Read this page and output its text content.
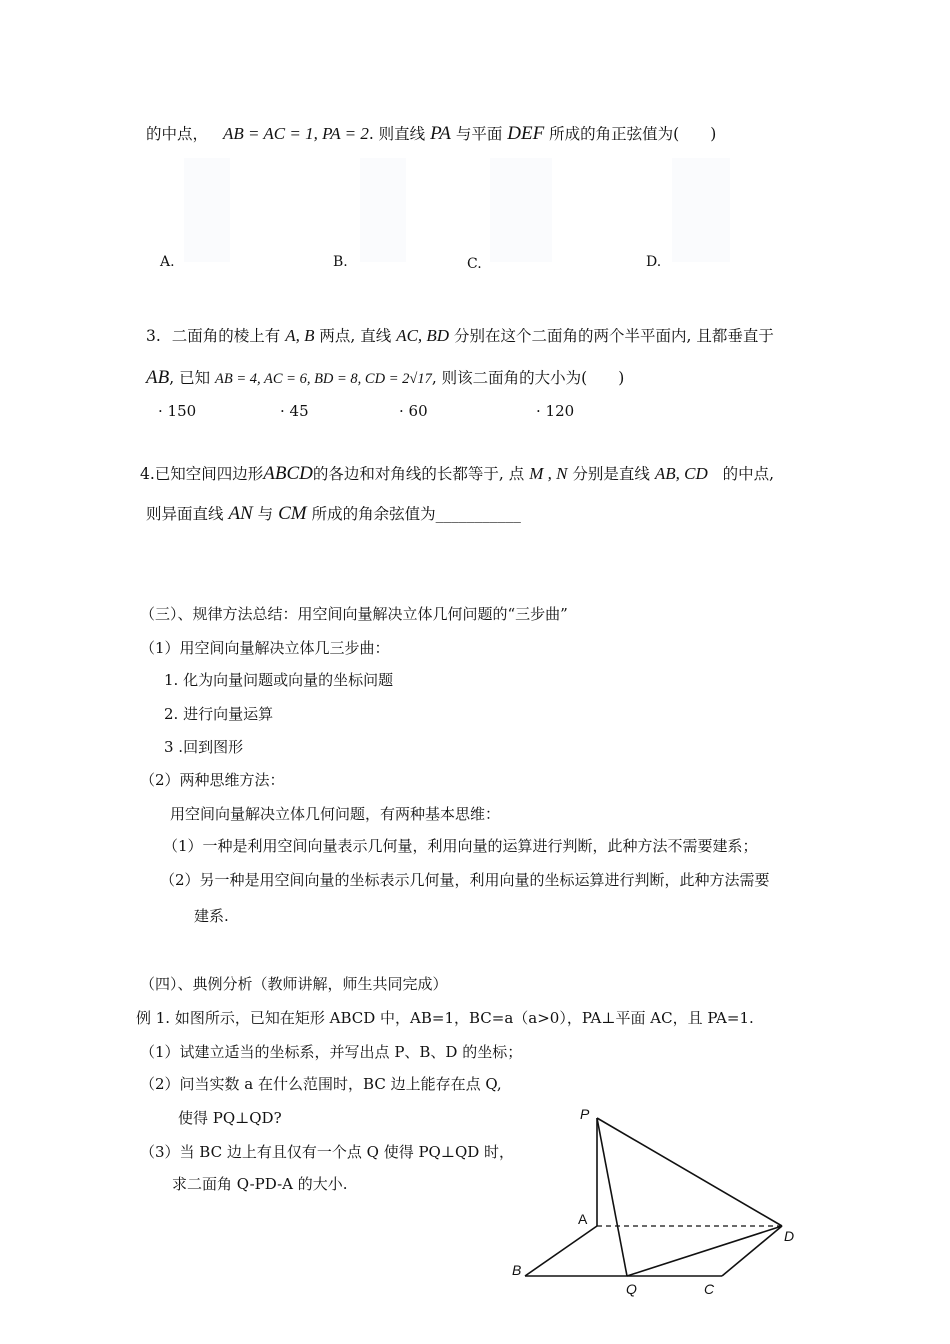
的中点， AB = AC = 1, PA = 2. 则直线 PA 与平面 DEF 所成的角正弦值为(　　)
A.	B.	C.	D.
3. 二面角的棱上有 A, B 两点, 直线 AC, BD 分别在这个二面角的两个半平面内, 且都垂直于
AB, 已知 AB = 4, AC = 6, BD = 8, CD = 2√17, 则该二面角的大小为(　　)
· 150	· 45	· 60	· 120
4.已知空间四边形ABCD的各边和对角线的长都等于, 点 M , N 分别是直线 AB, CD 的中点,
则异面直线 AN 与 CM 所成的角余弦值为___________
（三）、规律方法总结：用空间向量解决立体几何问题的“三步曲”
（1）用空间向量解决立体几三步曲：
1. 化为向量问题或向量的坐标问题
2. 进行向量运算
3 .回到图形
（2）两种思维方法：
用空间向量解决立体几何问题，有两种基本思维：
（1）一种是利用空间向量表示几何量，利用向量的运算进行判断，此种方法不需要建系；
（2）另一种是用空间向量的坐标表示几何量，利用向量的坐标运算进行判断，此种方法需要
建系.
（四）、典例分析（教师讲解，师生共同完成）
例 1. 如图所示，已知在矩形 ABCD 中，AB=1，BC=a（a>0），PA⊥平面 AC，且 PA=1.
（1）试建立适当的坐标系，并写出点 P、B、D 的坐标；
（2）问当实数 a 在什么范围时，BC 边上能存在点 Q,
使得 PQ⊥QD?
（3）当 BC 边上有且仅有一个点 Q 使得 PQ⊥QD 时，
求二面角 Q-PD-A 的大小.
P
A
D
B
Q	C
